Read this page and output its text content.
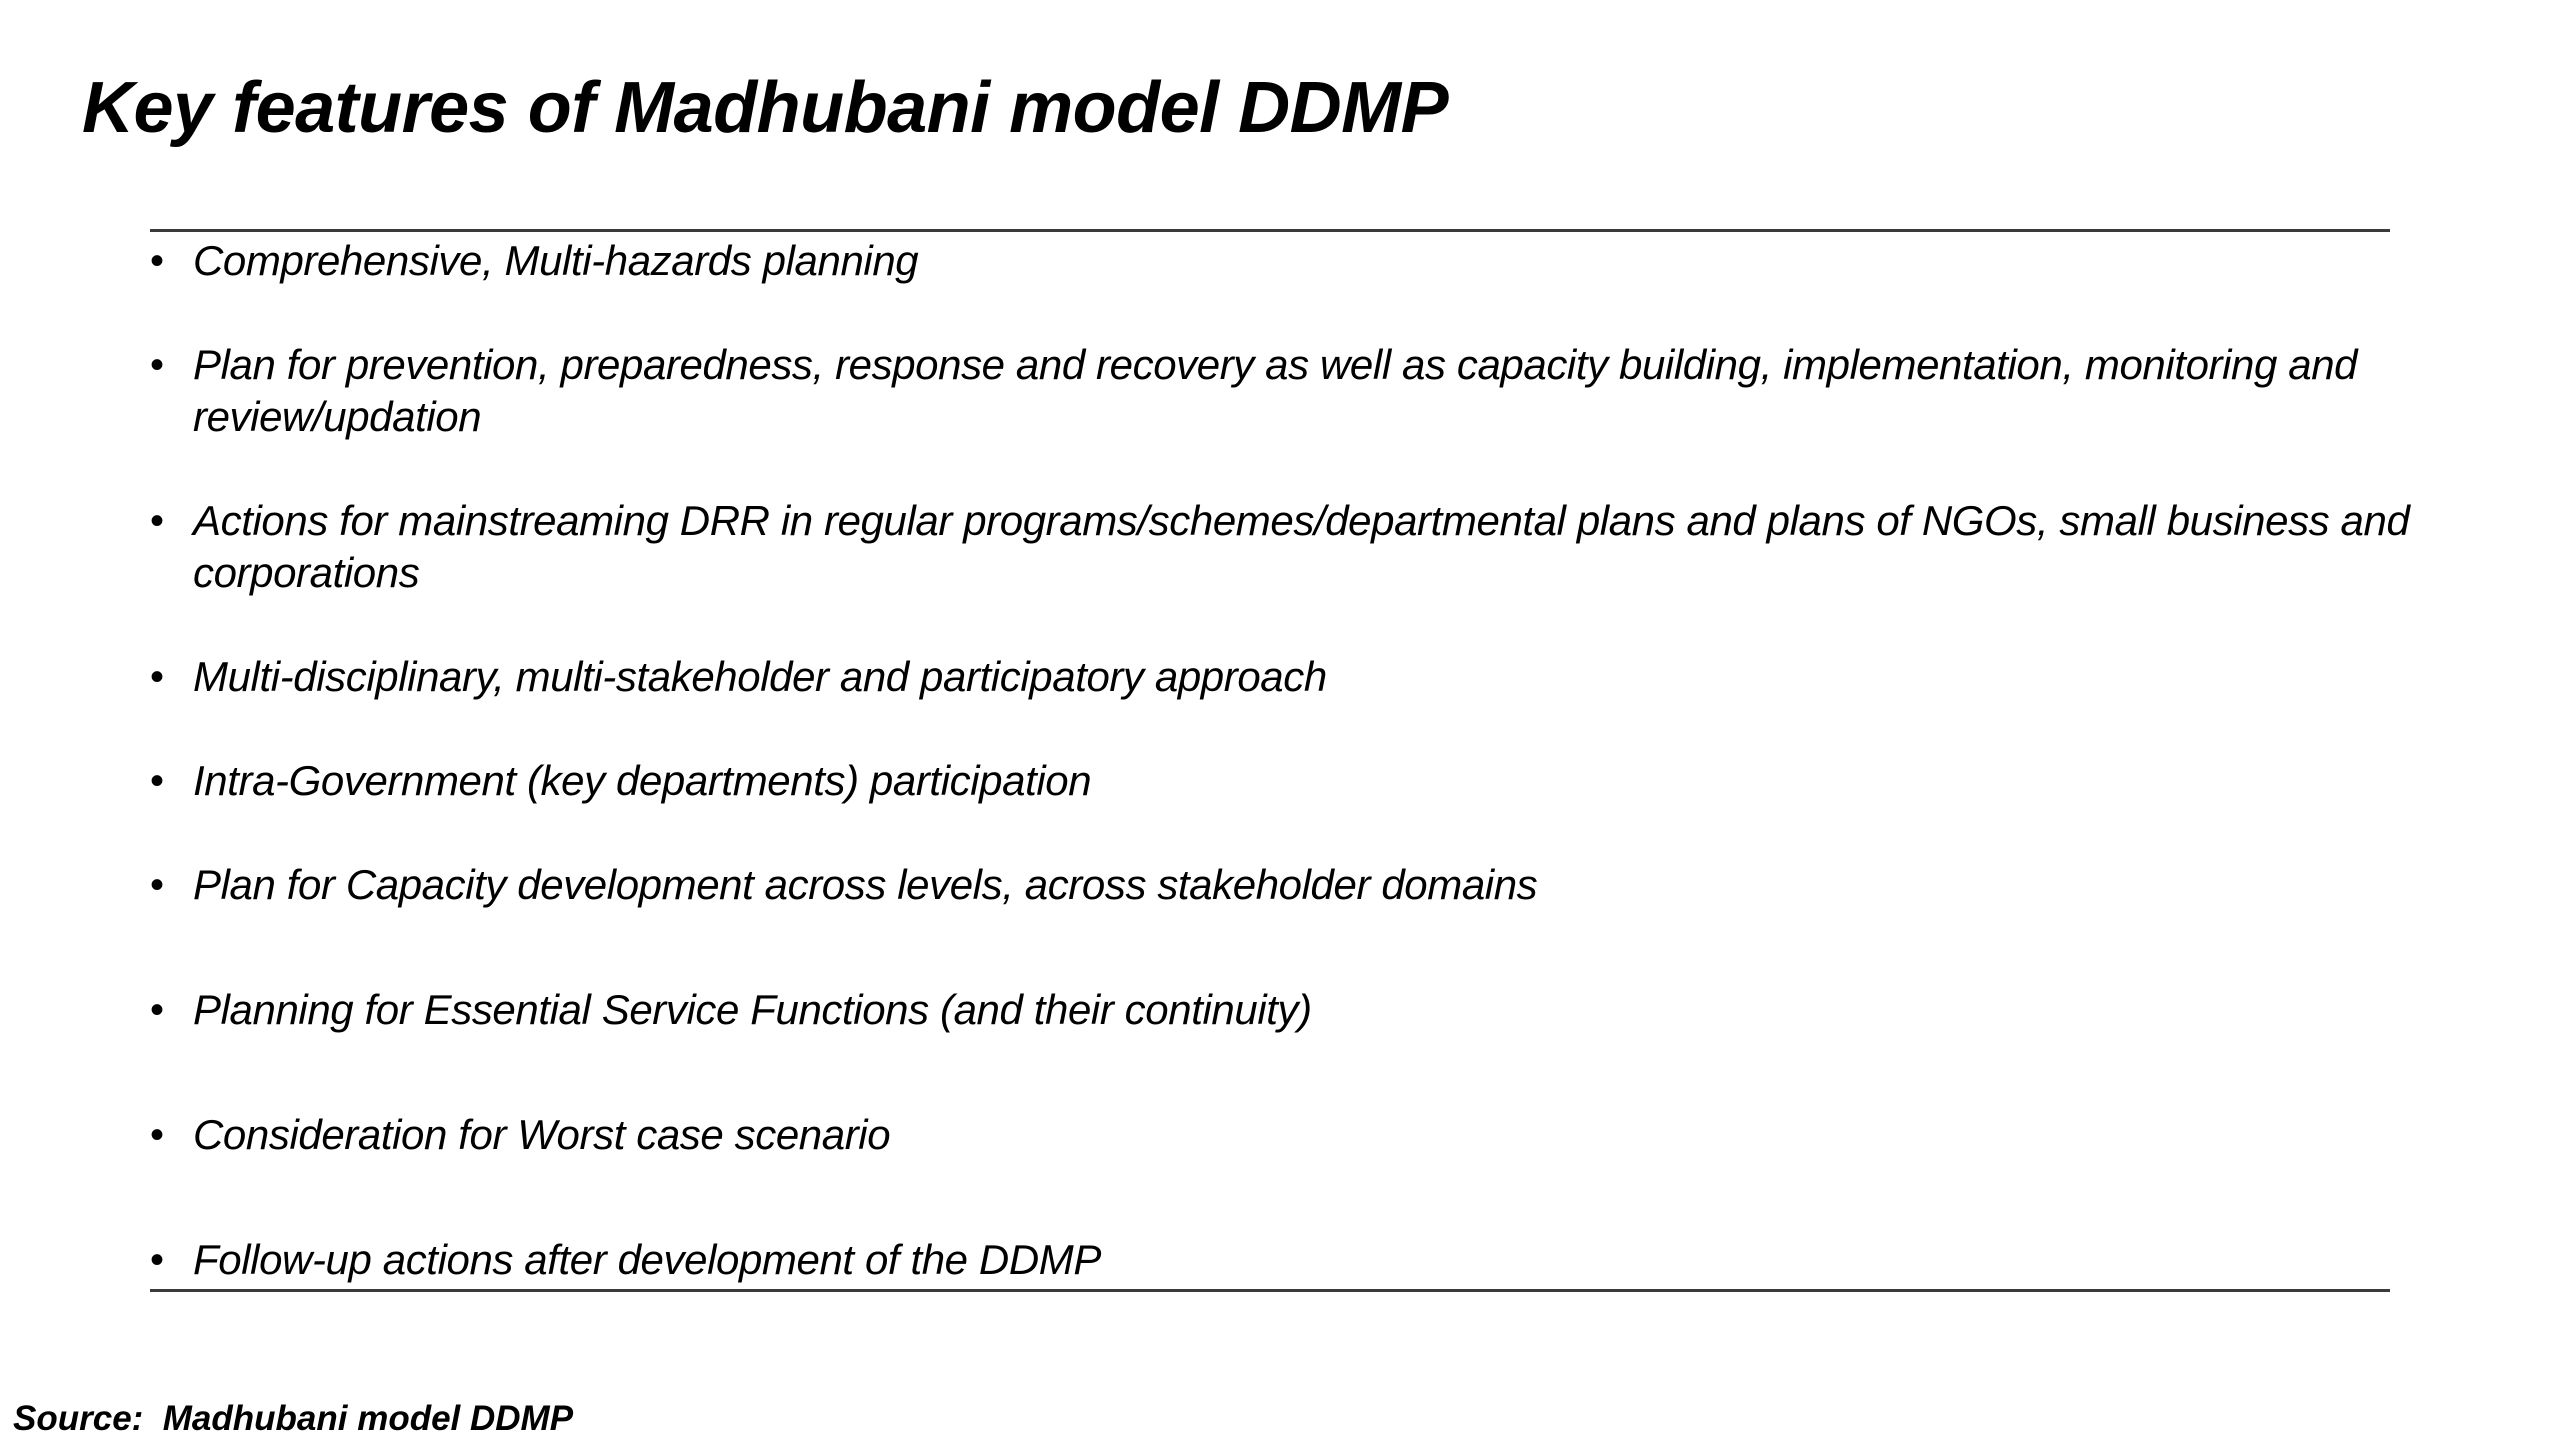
Key features of Madhubani model DDMP
• Comprehensive, Multi-hazards planning
• Plan for prevention, preparedness, response and recovery as well as capacity building, implementation, monitoring and review/updation
• Actions for mainstreaming DRR in regular programs/schemes/departmental plans and plans of NGOs, small business and corporations
• Multi-disciplinary, multi-stakeholder and participatory approach
• Intra-Government (key departments) participation
• Plan for Capacity development across levels, across stakeholder domains
• Planning for Essential Service Functions (and their continuity)
• Consideration for Worst case scenario
• Follow-up actions after development of the DDMP
Source: Madhubani model DDMP
